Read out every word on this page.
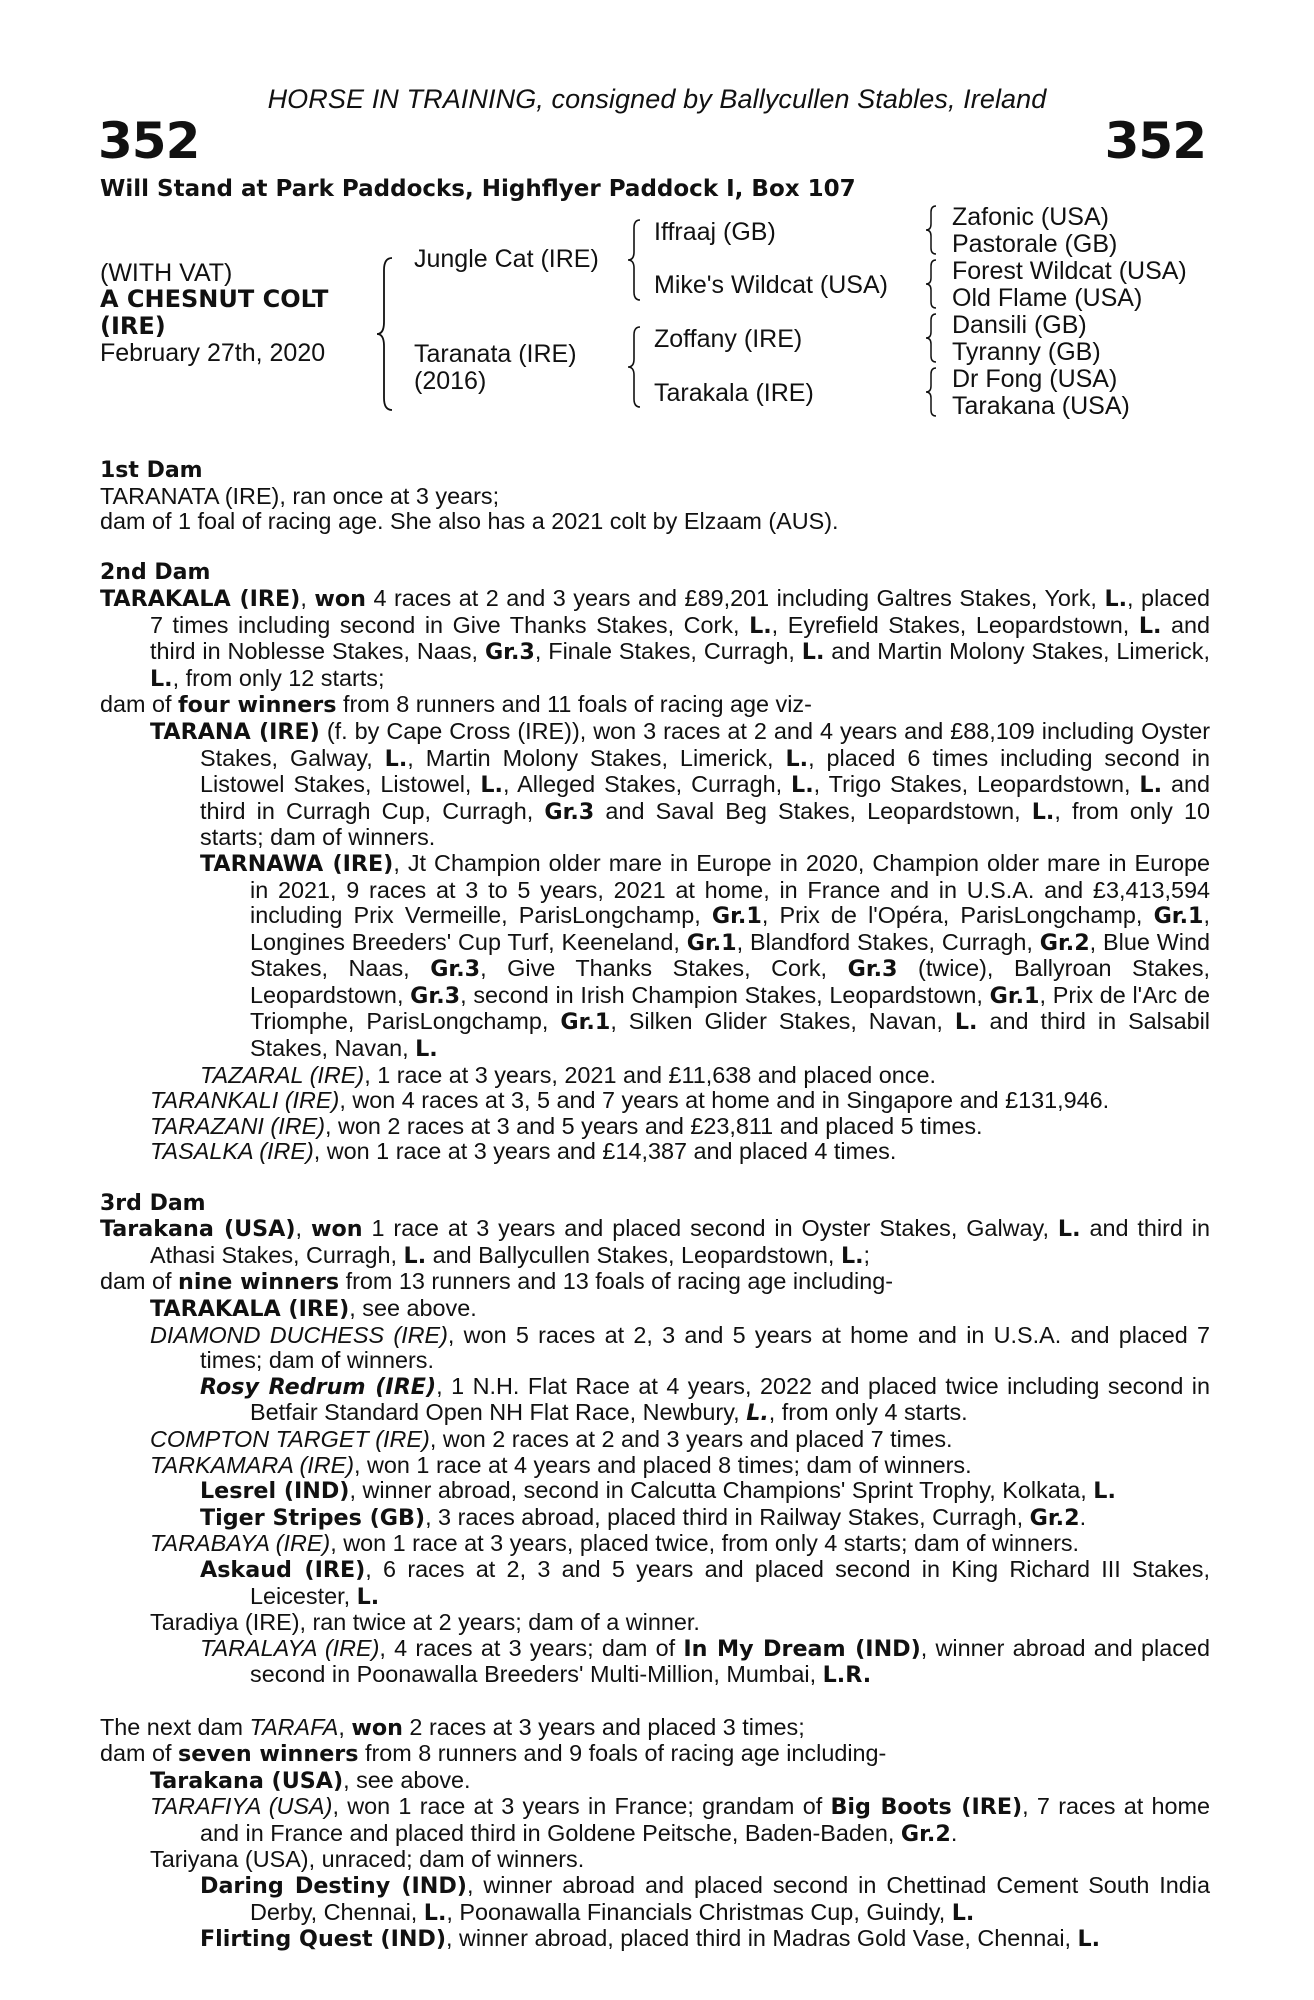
HORSE IN TRAINING, consigned by Ballycullen Stables, Ireland
352	352
Will Stand at Park Paddocks, Highflyer Paddock I, Box 107
(WITH VAT)
A CHESNUT COLT
(IRE)
February 27th, 2020
Jungle Cat (IRE)
Taranata (IRE)
(2016)
Iffraaj (GB)
Mike's Wildcat (USA)
Zoffany (IRE)
Tarakala (IRE)
Zafonic (USA)
Pastorale (GB)
Forest Wildcat (USA)
Old Flame (USA)
Dansili (GB)
Tyranny (GB)
Dr Fong (USA)
Tarakana (USA)

1st Dam

TARANATA (IRE), ran once at 3 years;

dam of 1 foal of racing age. She also has a 2021 colt by Elzaam (AUS).

2nd Dam

TARAKALA (IRE), won 4 races at 2 and 3 years and £89,201 including Galtres Stakes, York, L., placed 7 times including second in Give Thanks Stakes, Cork, L., Eyrefield Stakes, Leopardstown, L. and third in Noblesse Stakes, Naas, Gr.3, Finale Stakes, Curragh, L. and Martin Molony Stakes, Limerick, L., from only 12 starts;

dam of four winners from 8 runners and 11 foals of racing age viz-

TARANA (IRE) (f. by Cape Cross (IRE)), won 3 races at 2 and 4 years and £88,109 including Oyster Stakes, Galway, L., Martin Molony Stakes, Limerick, L., placed 6 times including second in Listowel Stakes, Listowel, L., Alleged Stakes, Curragh, L., Trigo Stakes, Leopardstown, L. and third in Curragh Cup, Curragh, Gr.3 and Saval Beg Stakes, Leopardstown, L., from only 10 starts; dam of winners.

TARNAWA (IRE), Jt Champion older mare in Europe in 2020, Champion older mare in Europe in 2021, 9 races at 3 to 5 years, 2021 at home, in France and in U.S.A. and £3,413,594 including Prix Vermeille, ParisLongchamp, Gr.1, Prix de l'Opéra, ParisLongchamp, Gr.1, Longines Breeders' Cup Turf, Keeneland, Gr.1, Blandford Stakes, Curragh, Gr.2, Blue Wind Stakes, Naas, Gr.3, Give Thanks Stakes, Cork, Gr.3 (twice), Ballyroan Stakes, Leopardstown, Gr.3, second in Irish Champion Stakes, Leopardstown, Gr.1, Prix de l'Arc de Triomphe, ParisLongchamp, Gr.1, Silken Glider Stakes, Navan, L. and third in Salsabil Stakes, Navan, L.

TAZARAL (IRE), 1 race at 3 years, 2021 and £11,638 and placed once.

TARANKALI (IRE), won 4 races at 3, 5 and 7 years at home and in Singapore and £131,946.

TARAZANI (IRE), won 2 races at 3 and 5 years and £23,811 and placed 5 times.

TASALKA (IRE), won 1 race at 3 years and £14,387 and placed 4 times.

3rd Dam

Tarakana (USA), won 1 race at 3 years and placed second in Oyster Stakes, Galway, L. and third in Athasi Stakes, Curragh, L. and Ballycullen Stakes, Leopardstown, L.;

dam of nine winners from 13 runners and 13 foals of racing age including-

TARAKALA (IRE), see above.

DIAMOND DUCHESS (IRE), won 5 races at 2, 3 and 5 years at home and in U.S.A. and placed 7 times; dam of winners.

Rosy Redrum (IRE), 1 N.H. Flat Race at 4 years, 2022 and placed twice including second in Betfair Standard Open NH Flat Race, Newbury, L., from only 4 starts.

COMPTON TARGET (IRE), won 2 races at 2 and 3 years and placed 7 times.

TARKAMARA (IRE), won 1 race at 4 years and placed 8 times; dam of winners.

Lesrel (IND), winner abroad, second in Calcutta Champions' Sprint Trophy, Kolkata, L.

Tiger Stripes (GB), 3 races abroad, placed third in Railway Stakes, Curragh, Gr.2.

TARABAYA (IRE), won 1 race at 3 years, placed twice, from only 4 starts; dam of winners.

Askaud (IRE), 6 races at 2, 3 and 5 years and placed second in King Richard III Stakes, Leicester, L.

Taradiya (IRE), ran twice at 2 years; dam of a winner.

TARALAYA (IRE), 4 races at 3 years; dam of In My Dream (IND), winner abroad and placed second in Poonawalla Breeders' Multi-Million, Mumbai, L.R.

The next dam TARAFA, won 2 races at 3 years and placed 3 times;

dam of seven winners from 8 runners and 9 foals of racing age including-

Tarakana (USA), see above.

TARAFIYA (USA), won 1 race at 3 years in France; grandam of Big Boots (IRE), 7 races at home and in France and placed third in Goldene Peitsche, Baden-Baden, Gr.2.

Tariyana (USA), unraced; dam of winners.

Daring Destiny (IND), winner abroad and placed second in Chettinad Cement South India Derby, Chennai, L., Poonawalla Financials Christmas Cup, Guindy, L.

Flirting Quest (IND), winner abroad, placed third in Madras Gold Vase, Chennai, L.
